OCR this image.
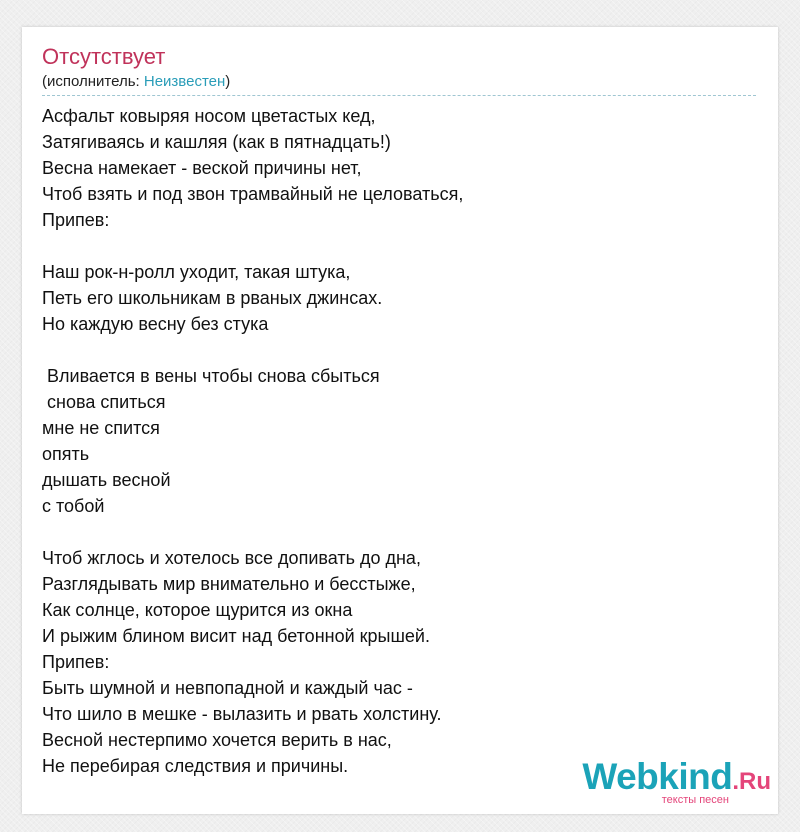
Отсутствует
(исполнитель: Неизвестен)
Асфальт ковыряя носом цветастых кед,
Затягиваясь и кашляя (как в пятнадцать!)
Весна намекает - веской причины нет,
Чтоб взять и под звон трамвайный не целоваться,
Припев:
Наш рок-н-ролл уходит, такая штука,
Петь его школьникам в рваных джинсах.
Но каждую весну без стука
Вливается в вены чтобы снова сбыться
снова спиться
мне не спится
опять
дышать весной
с тобой
Чтоб жглось и хотелось все допивать до дна,
Разглядывать мир внимательно и бесстыже,
Как солнце, которое щурится из окна
И рыжим блином висит над бетонной крышей.
Припев:
Быть шумной и невпопадной и каждый час -
Что шило в мешке - вылазить и рвать холстину.
Весной нестерпимо хочется верить в нас,
Не перебирая следствия и причины.	Webkind.Ru
тексты песен
